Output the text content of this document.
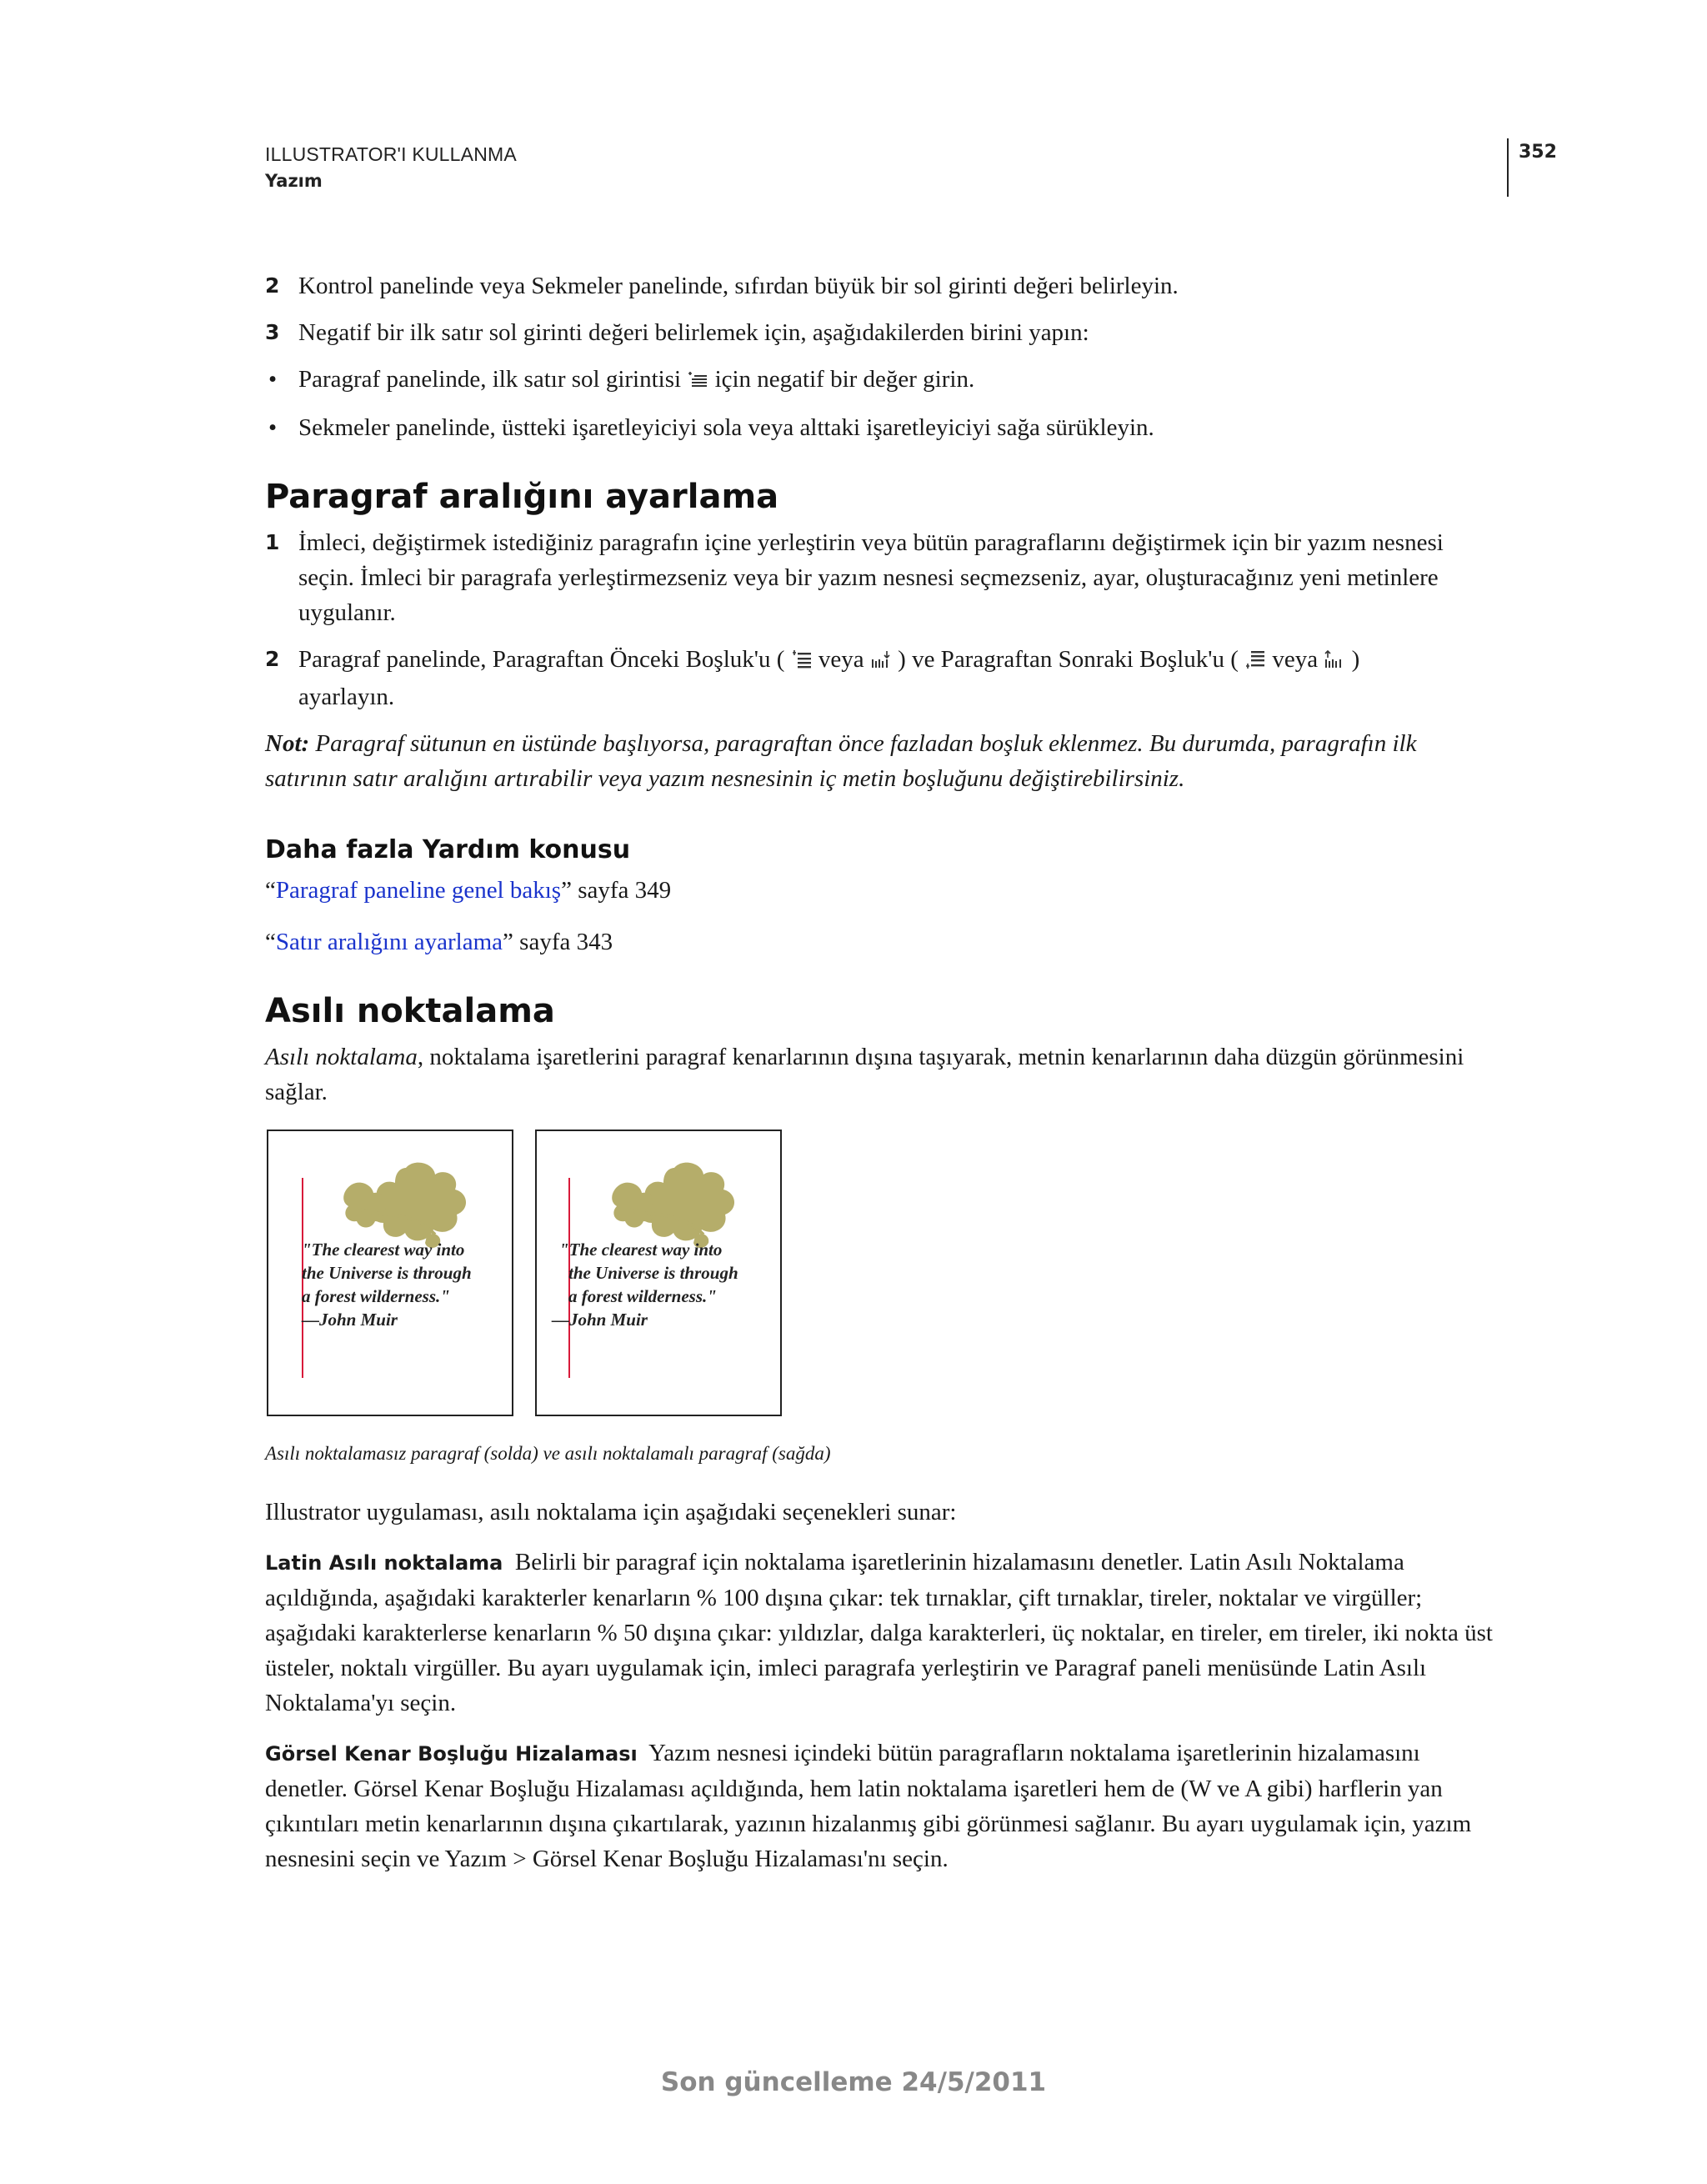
ILLUSTRATOR'I KULLANMA
Yazım
352
2 Kontrol panelinde veya Sekmeler panelinde, sıfırdan büyük bir sol girinti değeri belirleyin.
3 Negatif bir ilk satır sol girinti değeri belirlemek için, aşağıdakilerden birini yapın:
• Paragraf panelinde, ilk satır sol girintisi için negatif bir değer girin.
• Sekmeler panelinde, üstteki işaretleyiciyi sola veya alttaki işaretleyiciyi sağa sürükleyin.
Paragraf aralığını ayarlama
1 İmleci, değiştirmek istediğiniz paragrafın içine yerleştirin veya bütün paragraflarını değiştirmek için bir yazım nesnesi seçin. İmleci bir paragrafa yerleştirmezseniz veya bir yazım nesnesi seçmezseniz, ayar, oluşturacağınız yeni metinlere uygulanır.
2 Paragraf panelinde, Paragraftan Önceki Boşluk'u ( veya ) ve Paragraftan Sonraki Boşluk'u ( veya )
ayarlayın.

Not: Paragraf sütunun en üstünde başlıyorsa, paragraftan önce fazladan boşluk eklenmez. Bu durumda, paragrafın ilk satırının satır aralığını artırabilir veya yazım nesnesinin iç metin boşluğunu değiştirebilirsiniz.

Daha fazla Yardım konusu
“Paragraf paneline genel bakış” sayfa 349
“Satır aralığını ayarlama” sayfa 343
Asılı noktalama

Asılı noktalama, noktalama işaretlerini paragraf kenarlarının dışına taşıyarak, metnin kenarlarının daha düzgün görünmesini sağlar.

"The clearest way into
the Universe is through
a forest wilderness."
—John Muir
"The clearest way into
the Universe is through
a forest wilderness."
—John Muir
Asılı noktalamasız paragraf (solda) ve asılı noktalamalı paragraf (sağda)

Illustrator uygulaması, asılı noktalama için aşağıdaki seçenekleri sunar:

Latin Asılı noktalama Belirli bir paragraf için noktalama işaretlerinin hizalamasını denetler. Latin Asılı Noktalama açıldığında, aşağıdaki karakterler kenarların % 100 dışına çıkar: tek tırnaklar, çift tırnaklar, tireler, noktalar ve virgüller; aşağıdaki karakterlerse kenarların % 50 dışına çıkar: yıldızlar, dalga karakterleri, üç noktalar, en tireler, em tireler, iki nokta üst üsteler, noktalı virgüller. Bu ayarı uygulamak için, imleci paragrafa yerleştirin ve Paragraf paneli menüsünde Latin Asılı Noktalama'yı seçin.

Görsel Kenar Boşluğu Hizalaması Yazım nesnesi içindeki bütün paragrafların noktalama işaretlerinin hizalamasını denetler. Görsel Kenar Boşluğu Hizalaması açıldığında, hem latin noktalama işaretleri hem de (W ve A gibi) harflerin yan çıkıntıları metin kenarlarının dışına çıkartılarak, yazının hizalanmış gibi görünmesi sağlanır. Bu ayarı uygulamak için, yazım nesnesini seçin ve Yazım > Görsel Kenar Boşluğu Hizalaması'nı seçin.

Son güncelleme 24/5/2011
